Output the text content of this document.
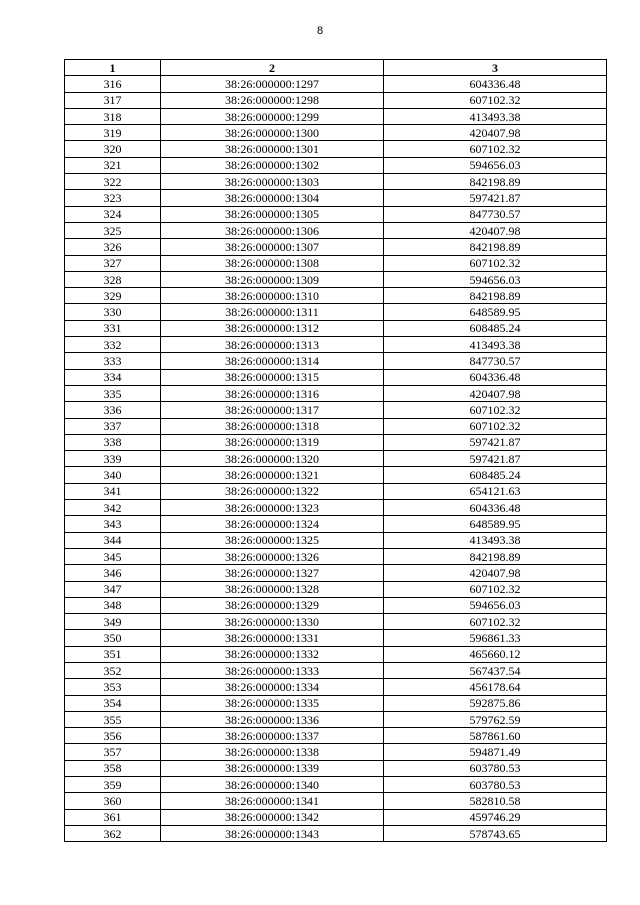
8
1	2	3
316	38:26:000000:1297	604336.48
317	38:26:000000:1298	607102.32
318	38:26:000000:1299	413493.38
319	38:26:000000:1300	420407.98
320	38:26:000000:1301	607102.32
321	38:26:000000:1302	594656.03
322	38:26:000000:1303	842198.89
323	38:26:000000:1304	597421.87
324	38:26:000000:1305	847730.57
325	38:26:000000:1306	420407.98
326	38:26:000000:1307	842198.89
327	38:26:000000:1308	607102.32
328	38:26:000000:1309	594656.03
329	38:26:000000:1310	842198.89
330	38:26:000000:1311	648589.95
331	38:26:000000:1312	608485.24
332	38:26:000000:1313	413493.38
333	38:26:000000:1314	847730.57
334	38:26:000000:1315	604336.48
335	38:26:000000:1316	420407.98
336	38:26:000000:1317	607102.32
337	38:26:000000:1318	607102.32
338	38:26:000000:1319	597421.87
339	38:26:000000:1320	597421.87
340	38:26:000000:1321	608485.24
341	38:26:000000:1322	654121.63
342	38:26:000000:1323	604336.48
343	38:26:000000:1324	648589.95
344	38:26:000000:1325	413493.38
345	38:26:000000:1326	842198.89
346	38:26:000000:1327	420407.98
347	38:26:000000:1328	607102.32
348	38:26:000000:1329	594656.03
349	38:26:000000:1330	607102.32
350	38:26:000000:1331	596861.33
351	38:26:000000:1332	465660.12
352	38:26:000000:1333	567437.54
353	38:26:000000:1334	456178.64
354	38:26:000000:1335	592875.86
355	38:26:000000:1336	579762.59
356	38:26:000000:1337	587861.60
357	38:26:000000:1338	594871.49
358	38:26:000000:1339	603780.53
359	38:26:000000:1340	603780.53
360	38:26:000000:1341	582810.58
361	38:26:000000:1342	459746.29
362	38:26:000000:1343	578743.65
